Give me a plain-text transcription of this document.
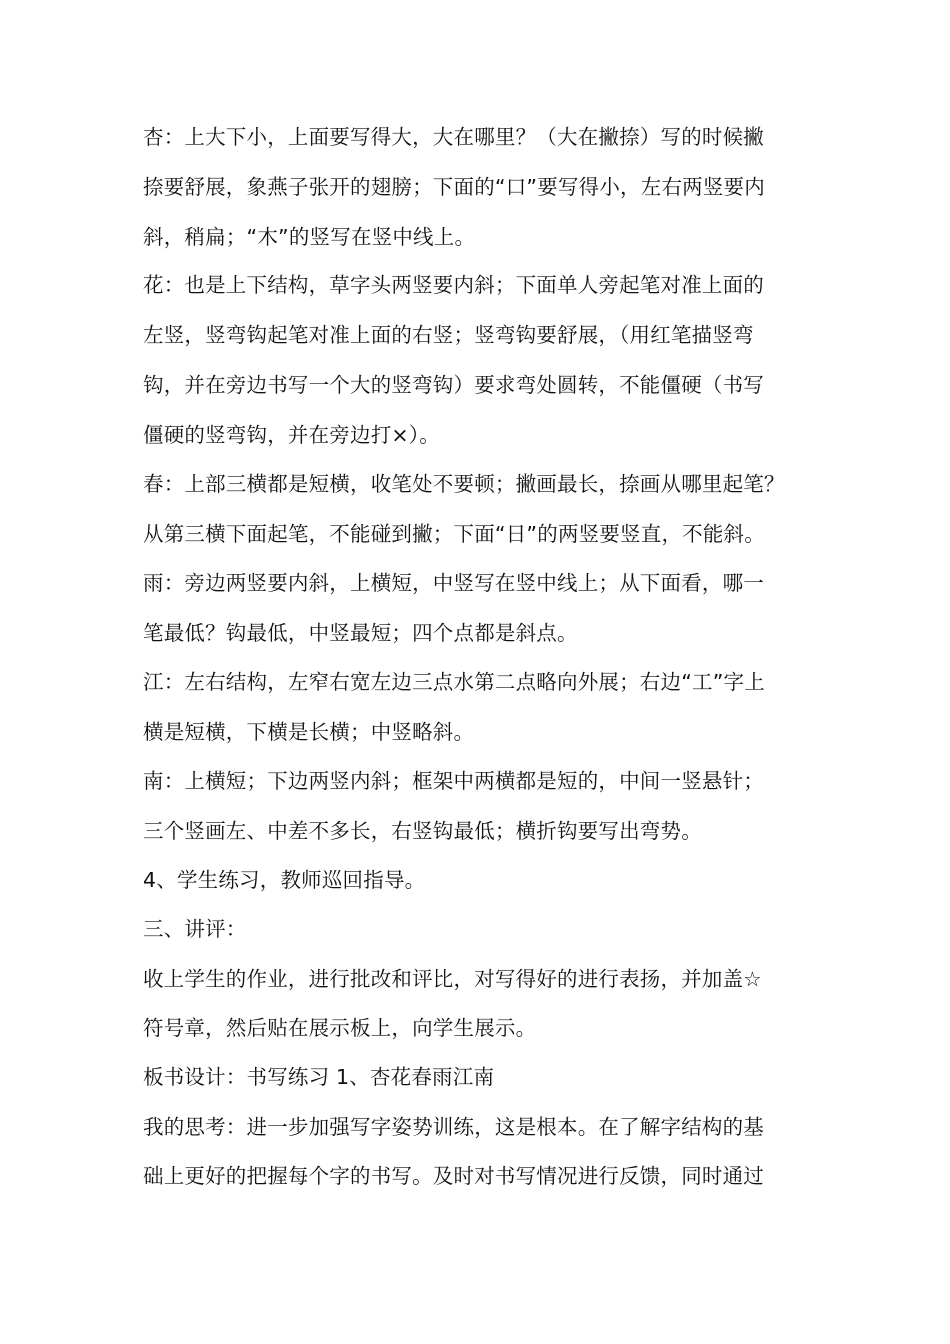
杏：上大下小，上面要写得大，大在哪里？（大在撇捺）写的时候撇
捺要舒展，象燕子张开的翅膀；下面的“口”要写得小，左右两竖要内
斜，稍扁；“木”的竖写在竖中线上。
花：也是上下结构，草字头两竖要内斜；下面单人旁起笔对准上面的
左竖，竖弯钩起笔对准上面的右竖；竖弯钩要舒展，（用红笔描竖弯
钩，并在旁边书写一个大的竖弯钩）要求弯处圆转，不能僵硬（书写
僵硬的竖弯钩，并在旁边打×）。
春：上部三横都是短横，收笔处不要顿；撇画最长，捺画从哪里起笔？
从第三横下面起笔，不能碰到撇；下面“日”的两竖要竖直，不能斜。
雨：旁边两竖要内斜，上横短，中竖写在竖中线上；从下面看，哪一
笔最低？钩最低，中竖最短；四个点都是斜点。
江：左右结构，左窄右宽左边三点水第二点略向外展；右边“工”字上
横是短横，下横是长横；中竖略斜。
南：上横短；下边两竖内斜；框架中两横都是短的，中间一竖悬针；
三个竖画左、中差不多长，右竖钩最低；横折钩要写出弯势。
4、学生练习，教师巡回指导。
三、讲评：
收上学生的作业，进行批改和评比，对写得好的进行表扬，并加盖☆
符号章，然后贴在展示板上，向学生展示。
板书设计：书写练习 1、杏花春雨江南
我的思考：进一步加强写字姿势训练，这是根本。在了解字结构的基
础上更好的把握每个字的书写。及时对书写情况进行反馈，同时通过
